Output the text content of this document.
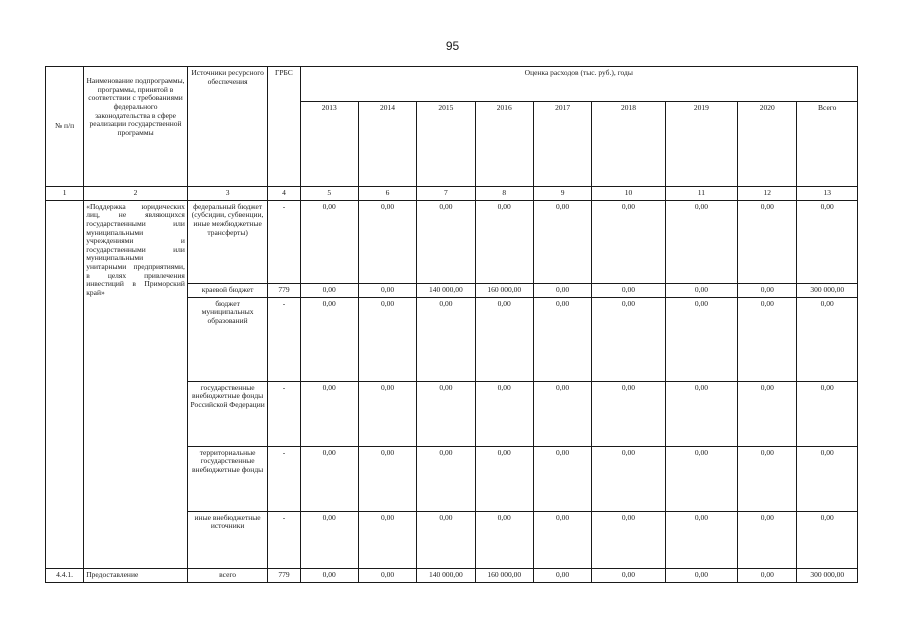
95
№ п/п	Наименование подпрограммы, программы, принятой в соответствии с требованиями федерального законодательства в сфере реализации государственной программы	Источники ресурсного обеспечения	ГРБС	Оценка расходов (тыс. руб.), годы								
				2013	2014	2015	2016	2017	2018	2019	2020	Всего
1	2	3	4	5	6	7	8	9	10	11	12	13
	«Поддержка юридических лиц, не являющихся государственными или муниципальными учреждениями и государственными или муниципальными унитарными предприятиями, в целях привлечения инвестиций в Приморский край»	федеральный бюджет (субсидии, субвенции, иные межбюджетные трансферты)	-	0,00	0,00	0,00	0,00	0,00	0,00	0,00	0,00	0,00
		краевой бюджет	779	0,00	0,00	140 000,00	160 000,00	0,00	0,00	0,00	0,00	300 000,00
		бюджет муниципальных образований	-	0,00	0,00	0,00	0,00	0,00	0,00	0,00	0,00	0,00
		государственные внебюджетные фонды Российской Федерации	-	0,00	0,00	0,00	0,00	0,00	0,00	0,00	0,00	0,00
		территориальные государственные внебюджетные фонды	-	0,00	0,00	0,00	0,00	0,00	0,00	0,00	0,00	0,00
		иные внебюджетные источники	-	0,00	0,00	0,00	0,00	0,00	0,00	0,00	0,00	0,00
4.4.1.	Предоставление	всего	779	0,00	0,00	140 000,00	160 000,00	0,00	0,00	0,00	0,00	300 000,00
